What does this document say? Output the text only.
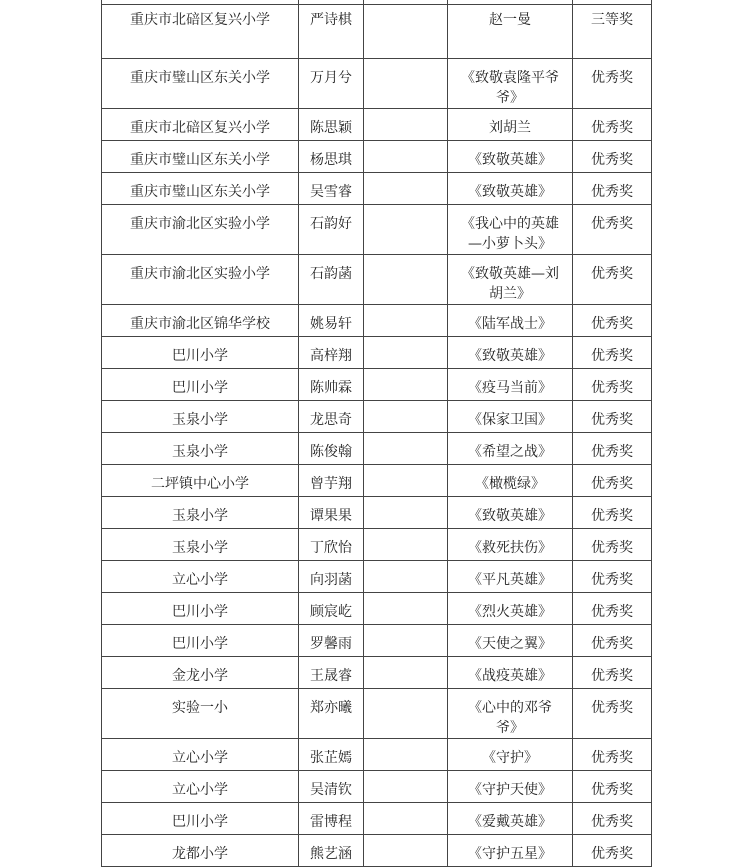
重庆市北碚区复兴小学	严诗棋		赵一曼	三等奖

重庆市璧山区东关小学	万月兮		《致敬袁隆平爷爷》	优秀奖

重庆市北碚区复兴小学	陈思颖		刘胡兰	优秀奖

重庆市璧山区东关小学	杨思琪		《致敬英雄》	优秀奖

重庆市璧山区东关小学	吴雪睿		《致敬英雄》	优秀奖

重庆市渝北区实验小学	石韵好		《我心中的英雄—小萝卜头》	优秀奖

重庆市渝北区实验小学	石韵菡		《致敬英雄—刘胡兰》	优秀奖

重庆市渝北区锦华学校	姚易轩		《陆军战士》	优秀奖

巴川小学	高梓翔		《致敬英雄》	优秀奖

巴川小学	陈帅霖		《疫马当前》	优秀奖

玉泉小学	龙思奇		《保家卫国》	优秀奖

玉泉小学	陈俊翰		《希望之战》	优秀奖

二坪镇中心小学	曾芋翔		《橄榄绿》	优秀奖

玉泉小学	谭果果		《致敬英雄》	优秀奖

玉泉小学	丁欣怡		《救死扶伤》	优秀奖

立心小学	向羽菡		《平凡英雄》	优秀奖

巴川小学	顾宸屹		《烈火英雄》	优秀奖

巴川小学	罗馨雨		《天使之翼》	优秀奖

金龙小学	王晟睿		《战疫英雄》	优秀奖

实验一小	郑亦曦		《心中的邓爷爷》	优秀奖

立心小学	张芷嫣		《守护》	优秀奖

立心小学	吴清钦		《守护天使》	优秀奖

巴川小学	雷博程		《爱戴英雄》	优秀奖

龙都小学	熊艺涵		《守护五星》	优秀奖
